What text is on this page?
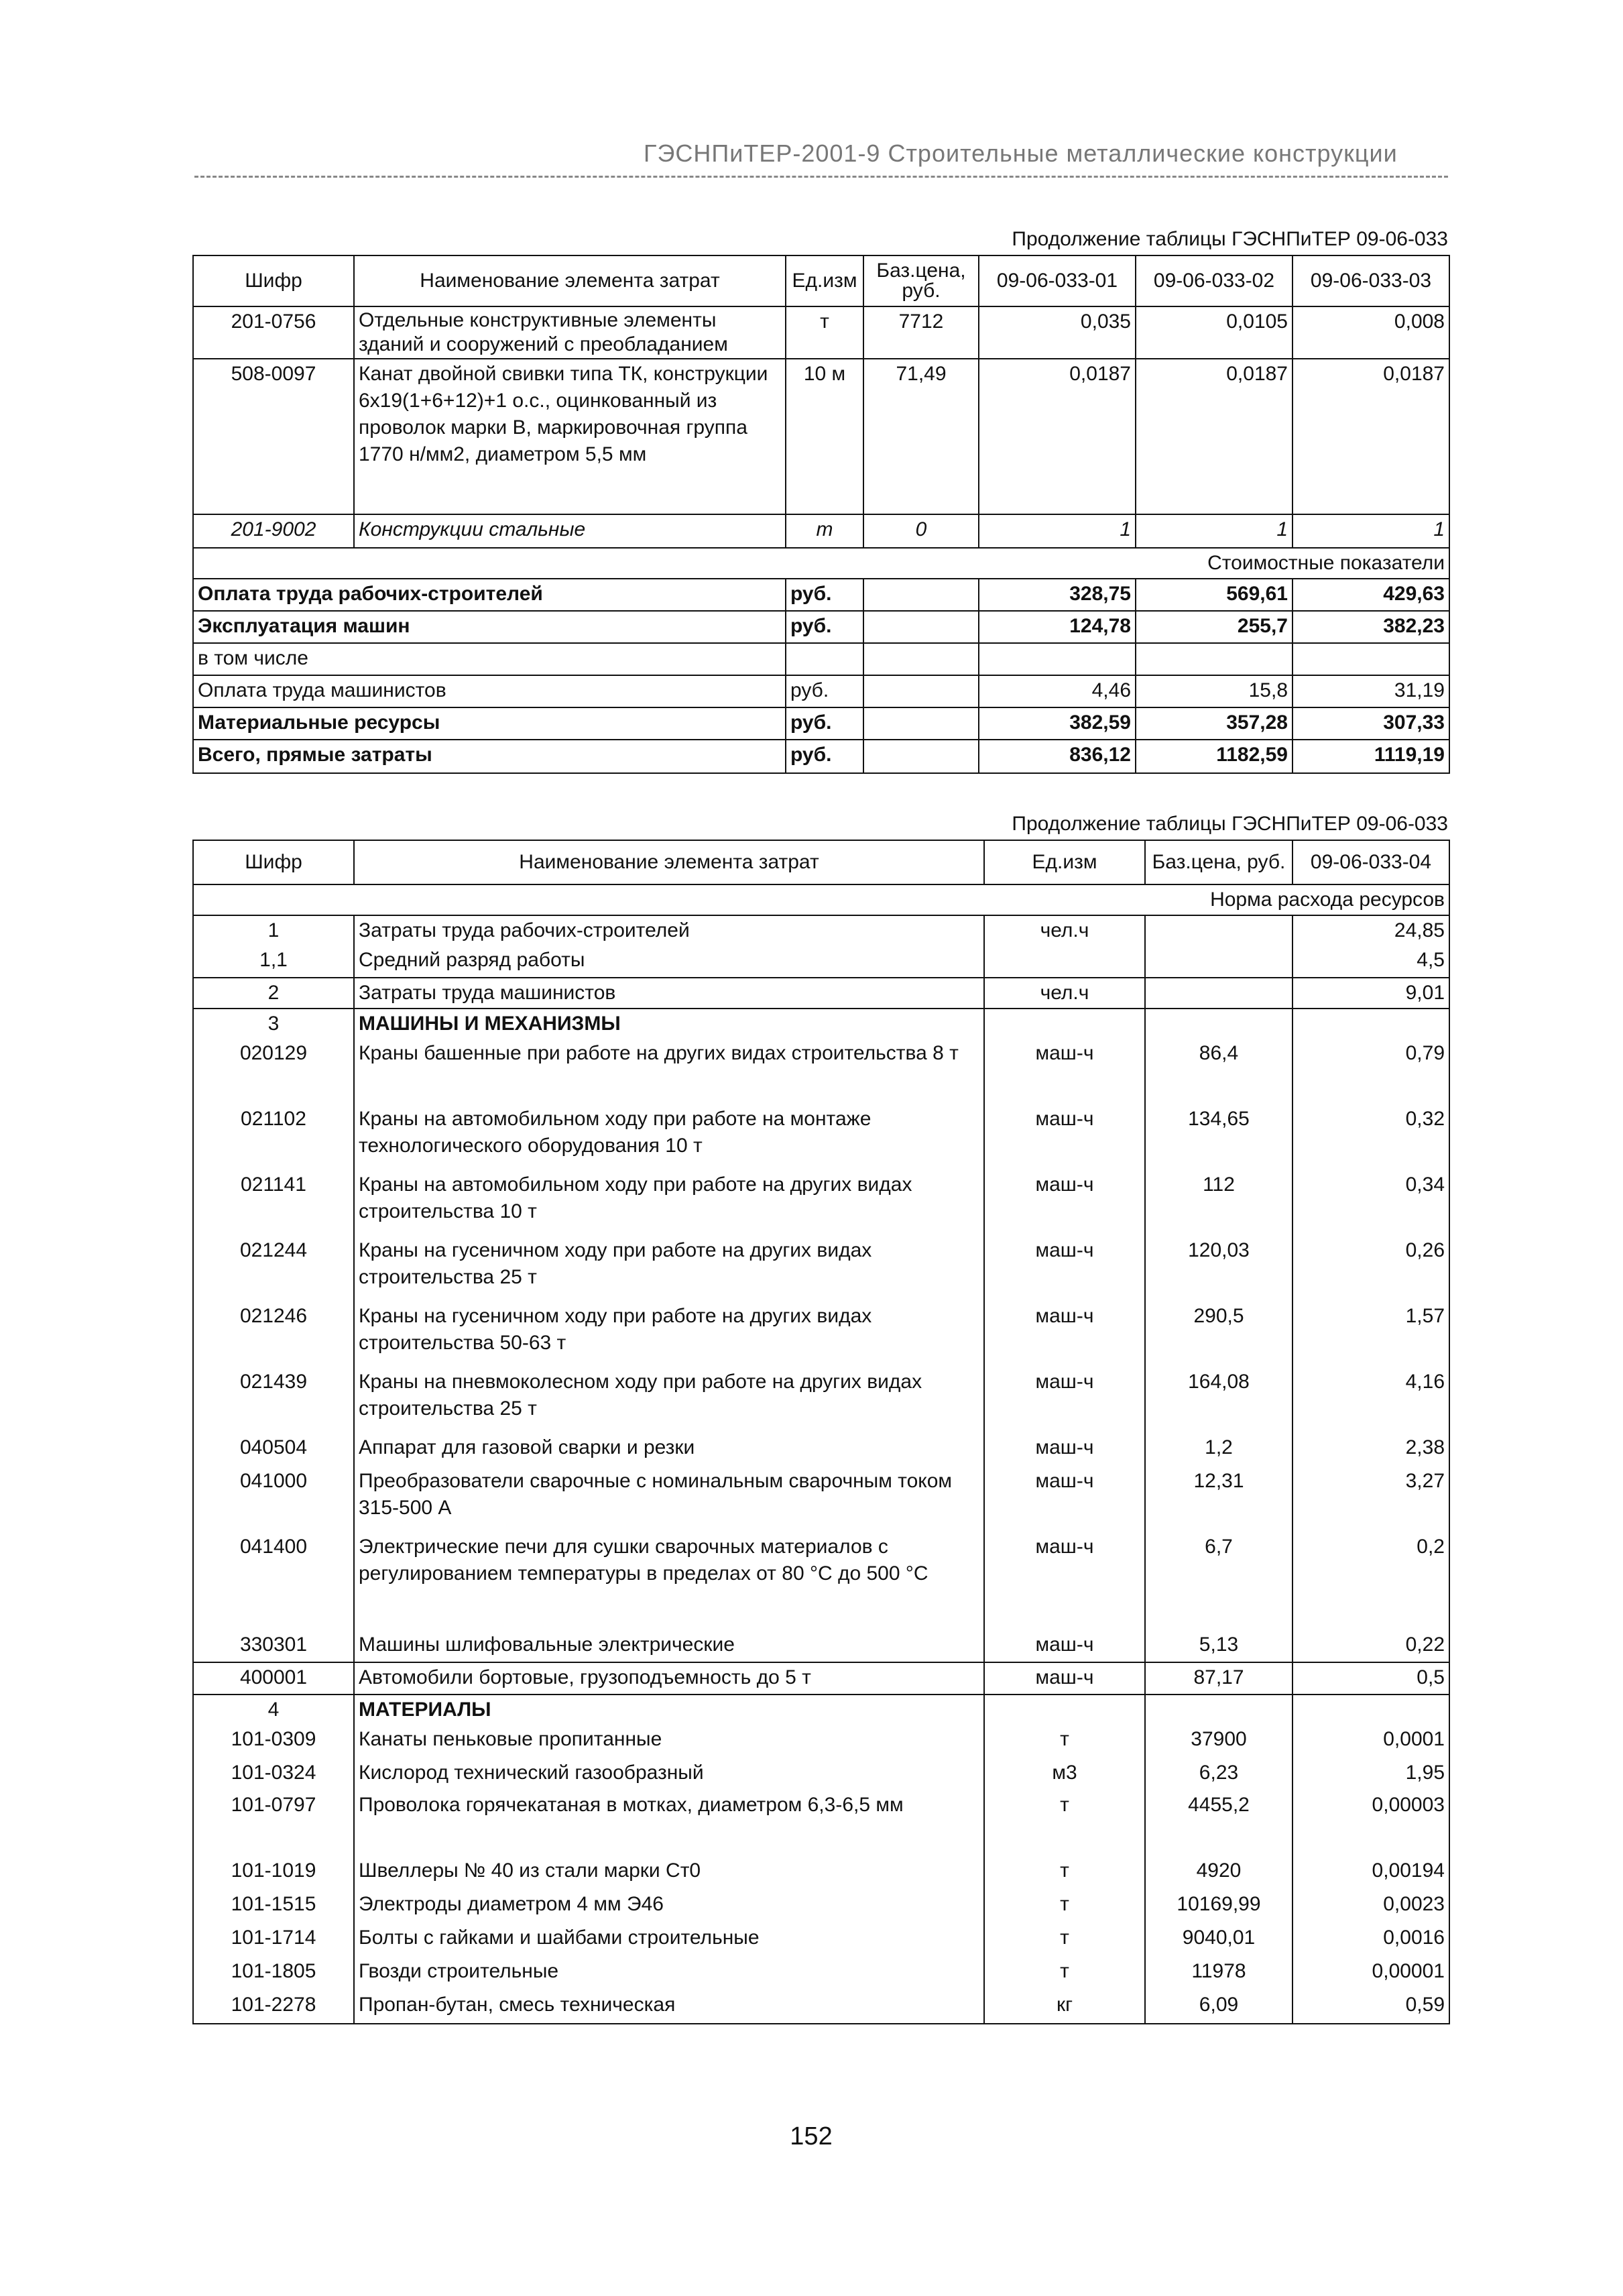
ГЭСНПиТЕР-2001-9 Строительные металлические конструкции
Продолжение таблицы ГЭСНПиТЕР 09-06-033
Шифр	Наименование элемента затрат	Ед.изм	Баз.цена, руб.	09-06-033-01	09-06-033-02	09-06-033-03
201-0756	Отдельные конструктивные элементы зданий и сооружений с преобладанием	т	7712	0,035	0,0105	0,008
508-0097	Канат двойной свивки типа ТК, конструкции 6х19(1+6+12)+1 о.с., оцинкованный из проволок марки В, маркировочная группа 1770 н/мм2, диаметром 5,5 мм	10 м	71,49	0,0187	0,0187	0,0187
201-9002	Конструкции стальные	т	0	1	1	1
Стоимостные показатели						
Оплата труда рабочих-строителей		руб.		328,75	569,61	429,63
Эксплуатация машин		руб.		124,78	255,7	382,23
в том числе						
Оплата труда машинистов		руб.		4,46	15,8	31,19
Материальные ресурсы		руб.		382,59	357,28	307,33
Всего, прямые затраты		руб.		836,12	1182,59	1119,19
Продолжение таблицы ГЭСНПиТЕР 09-06-033
Шифр	Наименование элемента затрат	Ед.изм	Баз.цена, руб.	09-06-033-04
Норма расхода ресурсов				
1	Затраты труда рабочих-строителей	чел.ч		24,85
1,1	Средний разряд работы			4,5
2	Затраты труда машинистов	чел.ч		9,01
3	МАШИНЫ И МЕХАНИЗМЫ			
020129	Краны башенные при работе на других видах строительства 8 т	маш-ч	86,4	0,79
021102	Краны на автомобильном ходу при работе на монтаже технологического оборудования 10 т	маш-ч	134,65	0,32
021141	Краны на автомобильном ходу при работе на других видах строительства 10 т	маш-ч	112	0,34
021244	Краны на гусеничном ходу при работе на других видах строительства 25 т	маш-ч	120,03	0,26
021246	Краны на гусеничном ходу при работе на других видах строительства 50-63 т	маш-ч	290,5	1,57
021439	Краны на пневмоколесном ходу при работе на других видах строительства 25 т	маш-ч	164,08	4,16
040504	Аппарат для газовой сварки и резки	маш-ч	1,2	2,38
041000	Преобразователи сварочные с номинальным сварочным током 315-500 А	маш-ч	12,31	3,27
041400	Электрические печи для сушки сварочных материалов с регулированием температуры в пределах от 80 °С до 500 °С	маш-ч	6,7	0,2
330301	Машины шлифовальные электрические	маш-ч	5,13	0,22
400001	Автомобили бортовые, грузоподъемность до 5 т	маш-ч	87,17	0,5
4	МАТЕРИАЛЫ			
101-0309	Канаты пеньковые пропитанные	т	37900	0,0001
101-0324	Кислород технический газообразный	м3	6,23	1,95
101-0797	Проволока горячекатаная в мотках, диаметром 6,3-6,5 мм	т	4455,2	0,00003
101-1019	Швеллеры № 40 из стали марки Ст0	т	4920	0,00194
101-1515	Электроды диаметром 4 мм Э46	т	10169,99	0,0023
101-1714	Болты с гайками и шайбами строительные	т	9040,01	0,0016
101-1805	Гвозди строительные	т	11978	0,00001
101-2278	Пропан-бутан, смесь техническая	кг	6,09	0,59
152
